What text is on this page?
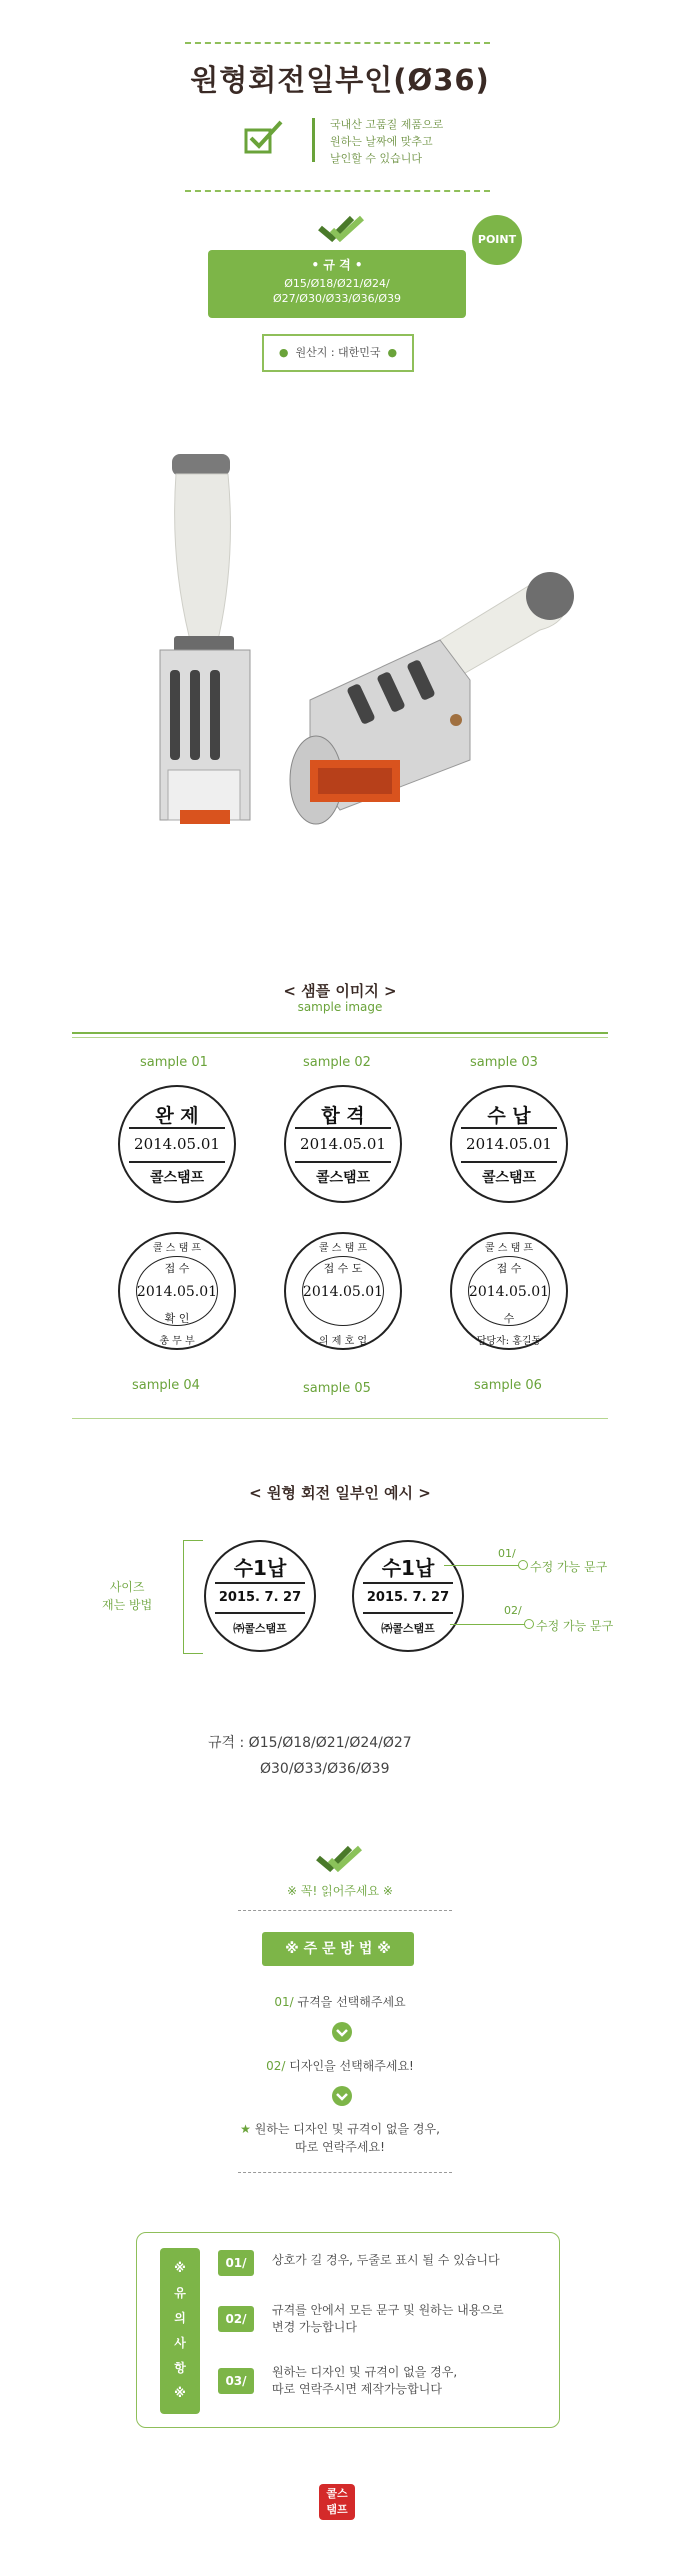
원형회전일부인(Ø36)
국내산 고품질 제품으로
원하는 날짜에 맞추고
날인할 수 있습니다
POINT
• 규 격 •
Ø15/Ø18/Ø21/Ø24/
Ø27/Ø30/Ø33/Ø36/Ø39
● 원산지 : 대한민국 ●
< 샘플 이미지 >
sample image
sample 01	sample 02	sample 03
완 제
2014.05.01
콜스탬프
합 격
2014.05.01
콜스탬프
수 납
2014.05.01
콜스탬프
콜 스 탬 프
접 수
2014.05.01
확 인
총 무 부
콜 스 탬 프
접 수 도
2014.05.01
의 제 호 업
콜 스 탬 프
접 수
2014.05.01
수
담당자: 홍길동
sample 04	sample 05	sample 06
< 원형 회전 일부인 예시 >
사이즈
재는 방법
수1납
2015. 7. 27
㈜콜스탬프
수1납
2015. 7. 27
㈜콜스탬프
01/
수정 가능 문구
02/
수정 가능 문구
규격 : Ø15/Ø18/Ø21/Ø24/Ø27
Ø30/Ø33/Ø36/Ø39
※ 꼭! 읽어주세요 ※
※ 주 문 방 법 ※
01/ 규격을 선택해주세요
02/ 디자인을 선택해주세요!
★ 원하는 디자인 및 규격이 없을 경우,
따로 연락주세요!
※
유
의
사
항
※
01/	상호가 길 경우, 두줄로 표시 될 수 있습니다
02/
규격를 안에서 모든 문구 및 원하는 내용으로
변경 가능합니다
03/
원하는 디자인 및 규격이 없을 경우,
따로 연락주시면 제작가능합니다
콜스
탬프
